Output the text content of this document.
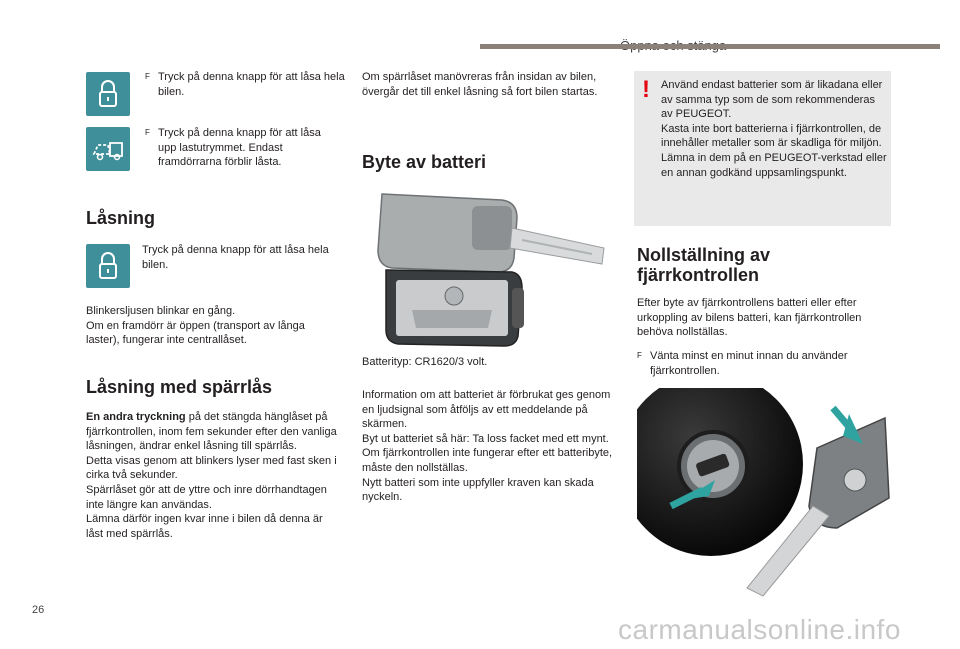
F Tryck på denna knapp för att låsa hela bilen.
F Tryck på denna knapp för att låsa upp lastutrymmet. Endast framdörrarna förblir låsta.
Låsning
Tryck på denna knapp för att låsa hela bilen.
Blinkersljusen blinkar en gång.
Om en framdörr är öppen (transport av långa laster), fungerar inte centrallåset.
Låsning med spärrlås
En andra tryckning på det stängda hänglåset på fjärrkontrollen, inom fem sekunder efter den vanliga låsningen, ändrar enkel låsning till spärrlås.
Detta visas genom att blinkers lyser med fast sken i cirka två sekunder.
Spärrlåset gör att de yttre och inre dörrhandtagen inte längre kan användas.
Lämna därför ingen kvar inne i bilen då denna är låst med spärrlås.
Om spärrlåset manövreras från insidan av bilen, övergår det till enkel låsning så fort bilen startas.
Byte av batteri
Batterityp: CR1620/3 volt.
Information om att batteriet är förbrukat ges genom en ljudsignal som åtföljs av ett meddelande på skärmen.
Byt ut batteriet så här: Ta loss facket med ett mynt.
Om fjärrkontrollen inte fungerar efter ett batteribyte, måste den nollställas.
Nytt batteri som inte uppfyller kraven kan skada nyckeln.
! Använd endast batterier som är likadana eller av samma typ som de som rekommenderas av PEUGEOT.
Kasta inte bort batterierna i fjärrkontrollen, de innehåller metaller som är skadliga för miljön.
Lämna in dem på en PEUGEOT-verkstad eller en annan godkänd uppsamlingspunkt.
Nollställning av fjärrkontrollen
Efter byte av fjärrkontrollens batteri eller efter urkoppling av bilens batteri, kan fjärrkontrollen behöva nollställas.
F Vänta minst en minut innan du använder fjärrkontrollen.
26
carmanualsonline.info
